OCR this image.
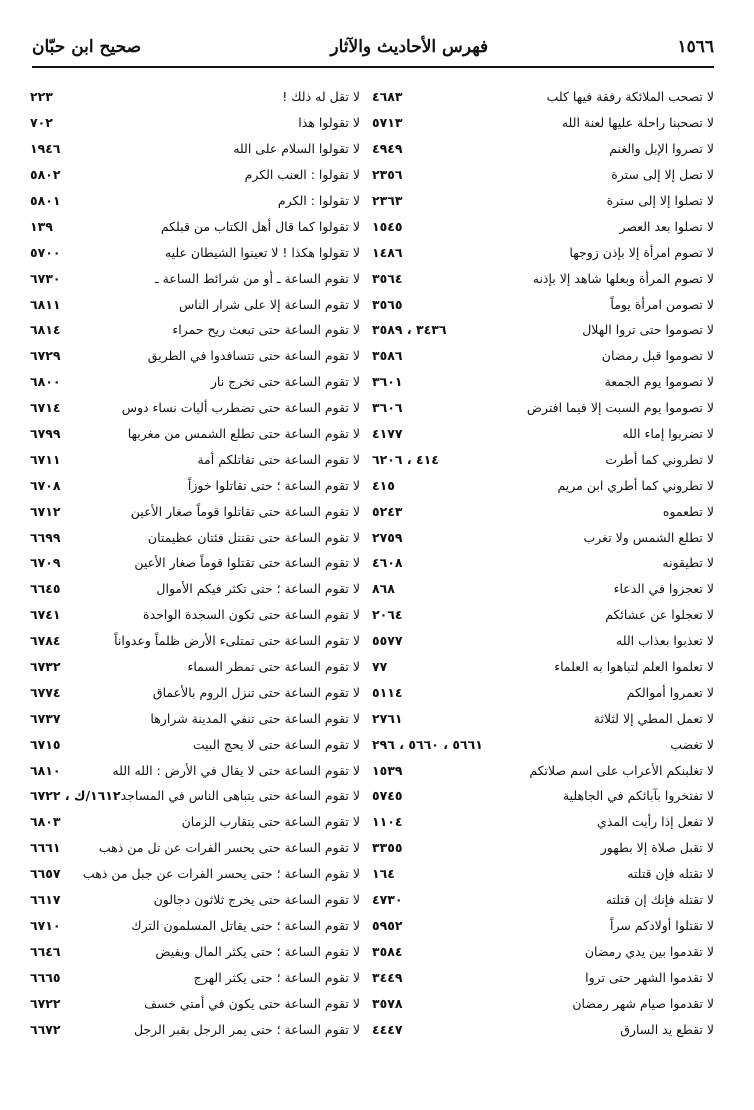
١٥٦٦
فهرس الأحاديث والآثار
صحيح ابن حبّان
٤٦٨٣	لا تصحب الملائكة رفقة فيها كلب
٥٧١٣	لا تصحبنا راحلة عليها لعنة الله
٤٩٤٩	لا تصروا الإبل والغنم
٢٣٥٦	لا تصل إلا إلى سترة
٢٣٦٣	لا تصلوا إلا إلى سترة
١٥٤٥	لا تصلوا بعد العصر
١٤٨٦	لا تصوم امرأة إلا بإذن زوجها
٣٥٦٤	لا تصوم المرأة وبعلها شاهد إلا بإذنه
٣٥٦٥	لا تصومن امرأة يوماً
٣٤٣٦ ، ٣٥٨٩	لا تصوموا حتى تروا الهلال
٣٥٨٦	لا تصوموا قبل رمضان
٣٦٠١	لا تصوموا يوم الجمعة
٣٦٠٦	لا تصوموا يوم السبت إلا فيما افترض
٤١٧٧	لا تضربوا إماء الله
٤١٤ ، ٦٢٠٦	لا تطروني كما أطرت
٤١٥	لا تطروني كما أطري ابن مريم
٥٢٤٣	لا تطعموه
٢٧٥٩	لا تطلع الشمس ولا تغرب
٤٦٠٨	لا تطيقونه
٨٦٨	لا تعجزوا في الدعاء
٢٠٦٤	لا تعجلوا عن عشائكم
٥٥٧٧	لا تعذبوا بعذاب الله
٧٧	لا تعلموا العلم لتباهوا به العلماء
٥١١٤	لا تعمروا أموالكم
٢٧٦١	لا تعمل المطي إلا لثلاثة
٥٦٦١ ، ٥٦٦٠ ، ٢٩٦	لا تغضب
١٥٣٩	لا تغلبنكم الأعراب على اسم صلاتكم
٥٧٤٥	لا تفتخروا بآبائكم في الجاهلية
١١٠٤	لا تفعل إذا رأيت المذي
٣٣٥٥	لا تقبل صلاة إلا بطهور
١٦٤	لا تقتله فإن قتلته
٤٧٣٠	لا تقتله فإنك إن قتلته
٥٩٥٢	لا تقتلوا أولادكم سراً
٣٥٨٤	لا تقدموا بين يدي رمضان
٣٤٤٩	لا تقدموا الشهر حتى تروا
٣٥٧٨	لا تقدموا صيام شهر رمضان
٤٤٤٧	لا تقطع يد السارق
٢٢٣	لا تقل له ذلك !
٧٠٢	لا تقولوا هذا
١٩٤٦	لا تقولوا السلام على الله
٥٨٠٢	لا تقولوا : العنب الكرم
٥٨٠١	لا تقولوا : الكرم
١٣٩	لا تقولوا كما قال أهل الكتاب من قبلكم
٥٧٠٠	لا تقولوا هكذا ! لا تعينوا الشيطان عليه
٦٧٣٠	لا تقوم الساعة ـ أو من شرائط الساعة ـ
٦٨١١	لا تقوم الساعة إلا على شرار الناس
٦٨١٤	لا تقوم الساعة حتى تبعث ريح حمراء
٦٧٢٩	لا تقوم الساعة حتى تتسافدوا في الطريق
٦٨٠٠	لا تقوم الساعة حتى تخرج نار
٦٧١٤	لا تقوم الساعة حتى تضطرب أليات نساء دوس
٦٧٩٩	لا تقوم الساعة حتى تطلع الشمس من مغربها
٦٧١١	لا تقوم الساعة حتى تقاتلكم أمة
٦٧٠٨	لا تقوم الساعة ؛ حتى تقاتلوا خوزاً
٦٧١٢	لا تقوم الساعة حتى تقاتلوا قوماً صغار الأعين
٦٦٩٩	لا تقوم الساعة حتى تقتتل فئتان عظيمتان
٦٧٠٩	لا تقوم الساعة حتى تقتلوا قوماً صغار الأعين
٦٦٤٥	لا تقوم الساعة ؛ حتى تكثر فيكم الأموال
٦٧٤١	لا تقوم الساعة حتى تكون السجدة الواحدة
٦٧٨٤	لا تقوم الساعة حتى تمتلىء الأرض ظلماً وعدواناً
٦٧٣٢	لا تقوم الساعة حتى تمطر السماء
٦٧٧٤	لا تقوم الساعة حتى تنزل الروم بالأعماق
٦٧٣٧	لا تقوم الساعة حتى تنفي المدينة شرارها
٦٧١٥	لا تقوم الساعة حتى لا يحج البيت
٦٨١٠	لا تقوم الساعة حتى لا يقال في الأرض : الله الله
١٦١٢/ك ، ٦٧٢٢ لا تقوم الساعة حتى يتباهى الناس في المساجد
٦٨٠٣	لا تقوم الساعة حتى يتقارب الزمان
٦٦٦١	لا تقوم الساعة حتى يحسر الفرات عن تل من ذهب
٦٦٥٧ لا تقوم الساعة ؛ حتى يحسر الفرات عن جبل من ذهب
٦٦١٧	لا تقوم الساعة حتى يخرج ثلاثون دجالون
٦٧١٠	لا تقوم الساعة ؛ حتى يقاتل المسلمون الترك
٦٦٤٦	لا تقوم الساعة ؛ حتى يكثر المال ويفيض
٦٦٦٥	لا تقوم الساعة ؛ حتى يكثر الهرج
٦٧٢٢	لا تقوم الساعة حتى يكون في أمتي خسف
٦٦٧٢	لا تقوم الساعة ؛ حتى يمر الرجل بقبر الرجل
